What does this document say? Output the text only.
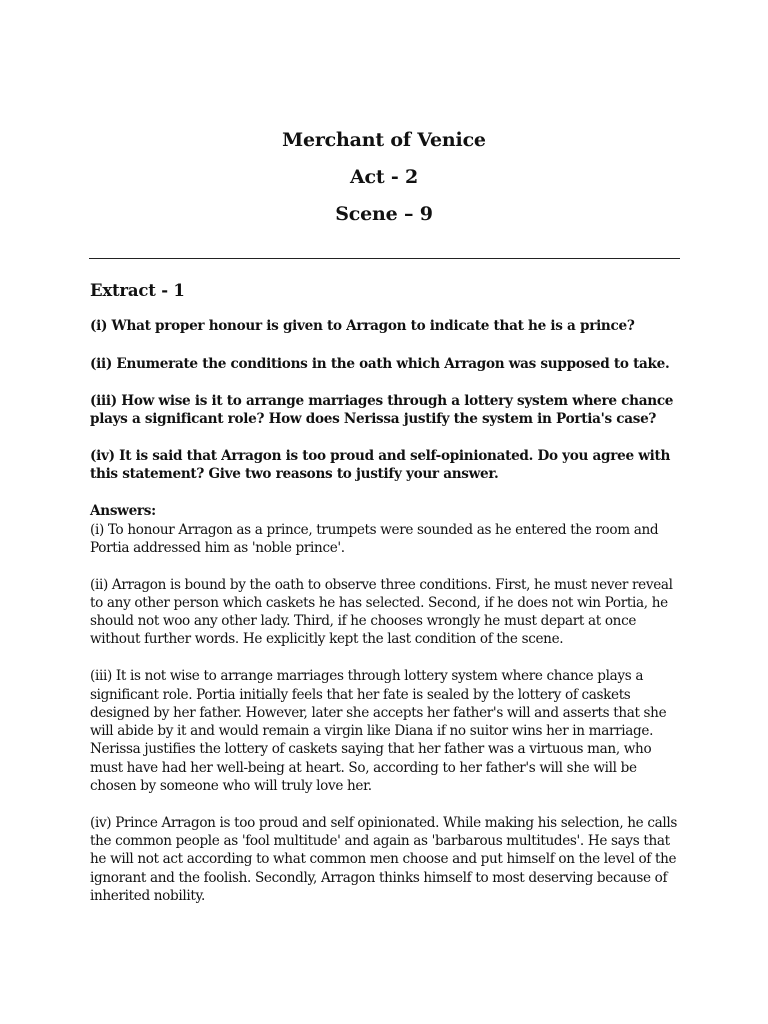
Merchant of Venice
Act - 2
Scene – 9
Extract - 1
(i) What proper honour is given to Arragon to indicate that he is a prince?
(ii) Enumerate the conditions in the oath which Arragon was supposed to take.
(iii) How wise is it to arrange marriages through a lottery system where chance plays a significant role? How does Nerissa justify the system in Portia's case?
(iv) It is said that Arragon is too proud and self-opinionated. Do you agree with this statement? Give two reasons to justify your answer.
Answers:
(i) To honour Arragon as a prince, trumpets were sounded as he entered the room and Portia addressed him as 'noble prince'.
(ii) Arragon is bound by the oath to observe three conditions. First, he must never reveal to any other person which caskets he has selected. Second, if he does not win Portia, he should not woo any other lady. Third, if he chooses wrongly he must depart at once without further words. He explicitly kept the last condition of the scene.
(iii) It is not wise to arrange marriages through lottery system where chance plays a significant role. Portia initially feels that her fate is sealed by the lottery of caskets designed by her father. However, later she accepts her father's will and asserts that she will abide by it and would remain a virgin like Diana if no suitor wins her in marriage. Nerissa justifies the lottery of caskets saying that her father was a virtuous man, who must have had her well-being at heart. So, according to her father's will she will be chosen by someone who will truly love her.
(iv) Prince Arragon is too proud and self opinionated. While making his selection, he calls the common people as 'fool multitude' and again as 'barbarous multitudes'. He says that he will not act according to what common men choose and put himself on the level of the ignorant and the foolish. Secondly, Arragon thinks himself to most deserving because of inherited nobility.
